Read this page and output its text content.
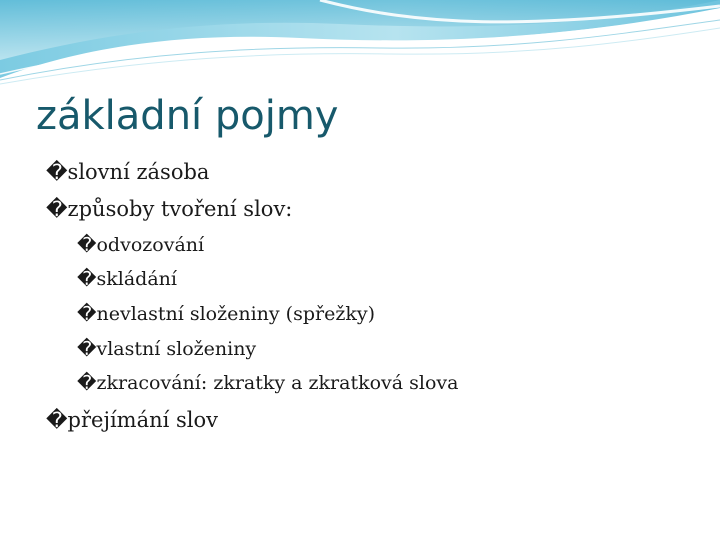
základní pojmy
�slovní zásoba
�způsoby tvoření slov:
�odvozování
�skládání
�nevlastní složeniny (spřežky)
�vlastní složeniny
�zkracování: zkratky a zkratková slova
�přejímání slov
